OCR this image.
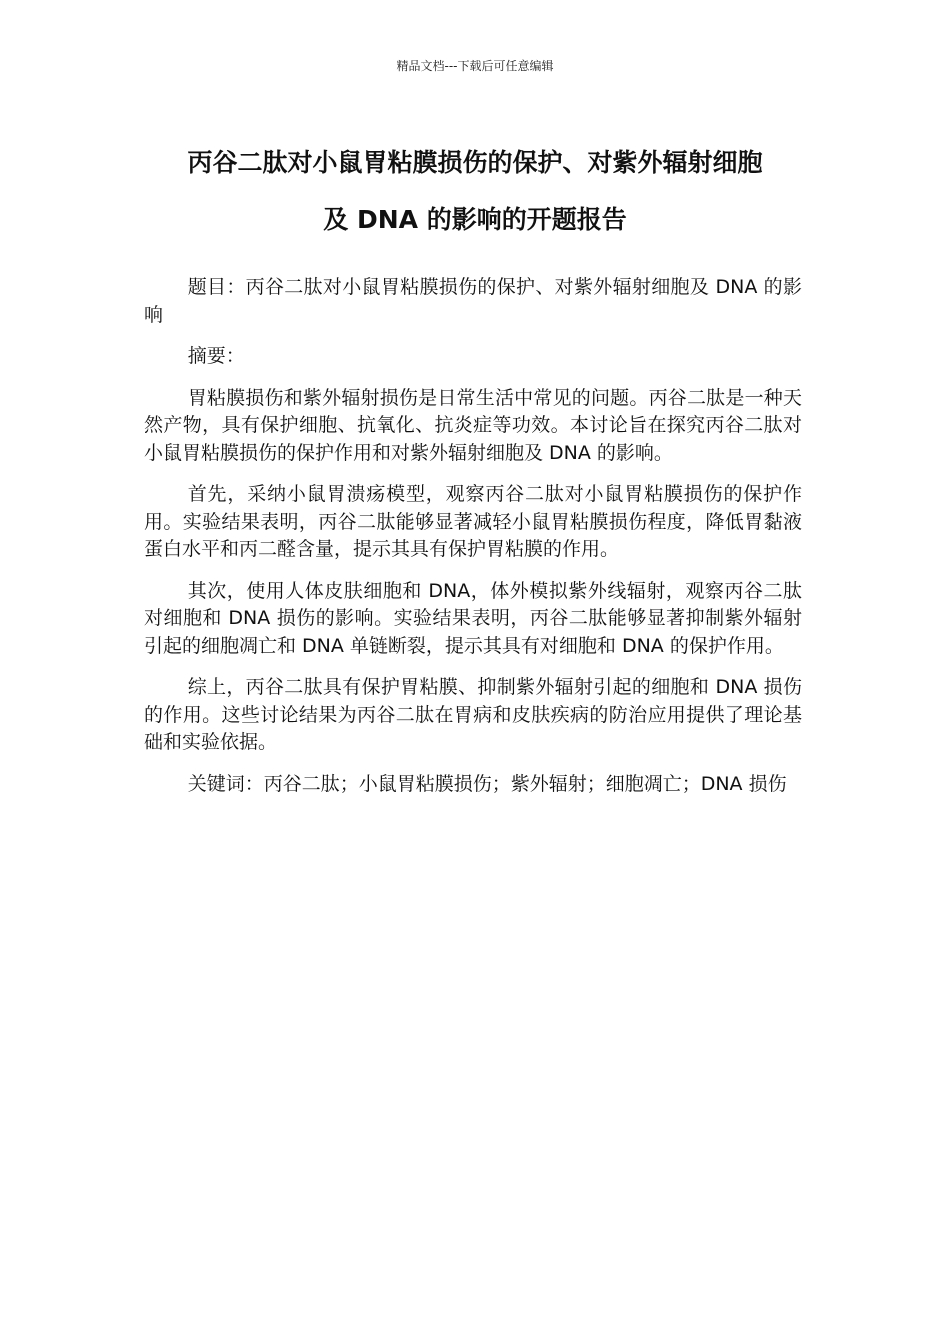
精品文档---下载后可任意编辑
丙谷二肽对小鼠胃粘膜损伤的保护、对紫外辐射细胞
及 DNA 的影响的开题报告

题目：丙谷二肽对小鼠胃粘膜损伤的保护、对紫外辐射细胞及 DNA 的影响

摘要：

胃粘膜损伤和紫外辐射损伤是日常生活中常见的问题。丙谷二肽是一种天然产物，具有保护细胞、抗氧化、抗炎症等功效。本讨论旨在探究丙谷二肽对小鼠胃粘膜损伤的保护作用和对紫外辐射细胞及 DNA 的影响。

首先，采纳小鼠胃溃疡模型，观察丙谷二肽对小鼠胃粘膜损伤的保护作用。实验结果表明，丙谷二肽能够显著减轻小鼠胃粘膜损伤程度，降低胃黏液蛋白水平和丙二醛含量，提示其具有保护胃粘膜的作用。

其次，使用人体皮肤细胞和 DNA，体外模拟紫外线辐射，观察丙谷二肽对细胞和 DNA 损伤的影响。实验结果表明，丙谷二肽能够显著抑制紫外辐射引起的细胞凋亡和 DNA 单链断裂，提示其具有对细胞和 DNA 的保护作用。

综上，丙谷二肽具有保护胃粘膜、抑制紫外辐射引起的细胞和 DNA 损伤的作用。这些讨论结果为丙谷二肽在胃病和皮肤疾病的防治应用提供了理论基础和实验依据。

关键词：丙谷二肽；小鼠胃粘膜损伤；紫外辐射；细胞凋亡；DNA 损伤
